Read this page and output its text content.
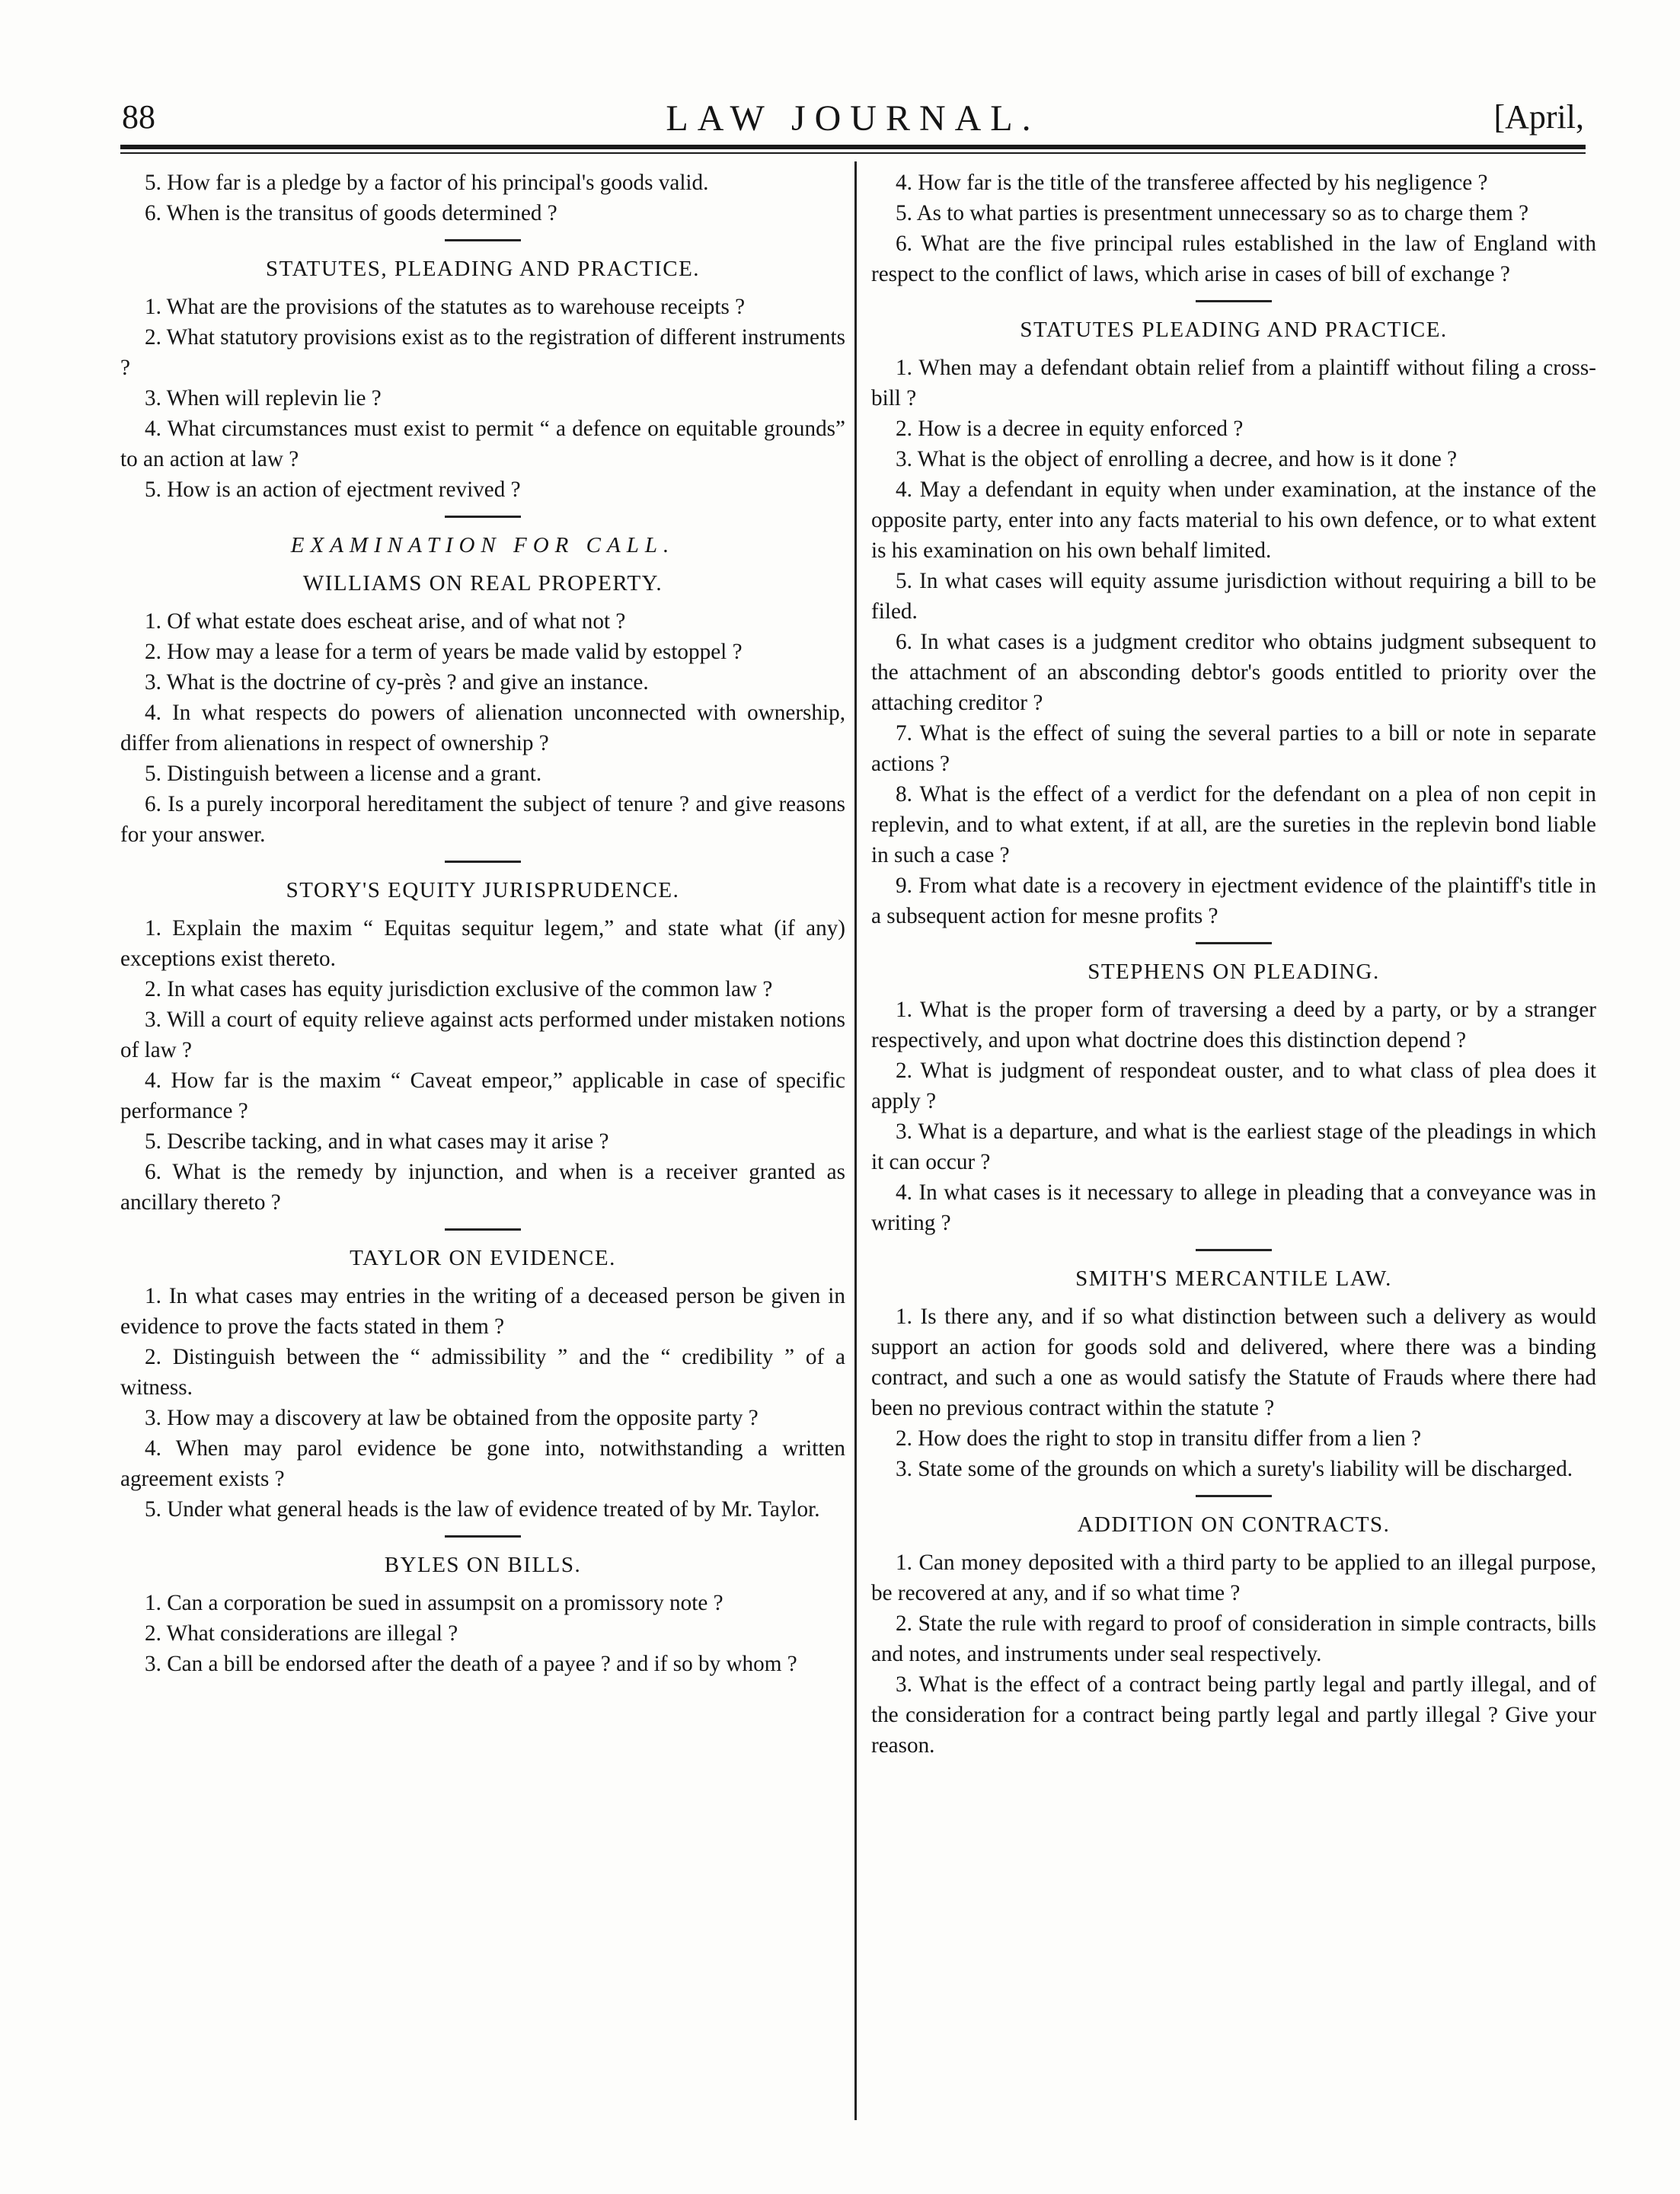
88	LAW JOURNAL.	[April,

5. How far is a pledge by a factor of his principal's goods valid.

6. When is the transitus of goods determined ?

STATUTES, PLEADING AND PRACTICE.

1. What are the provisions of the statutes as to warehouse receipts ?

2. What statutory provisions exist as to the registration of different instruments ?

3. When will replevin lie ?

4. What circumstances must exist to permit “ a defence on equitable grounds” to an action at law ?

5. How is an action of ejectment revived ?

EXAMINATION FOR CALL.
WILLIAMS ON REAL PROPERTY.

1. Of what estate does escheat arise, and of what not ?

2. How may a lease for a term of years be made valid by estoppel ?

3. What is the doctrine of cy-près ? and give an instance.

4. In what respects do powers of alienation unconnected with ownership, differ from alienations in respect of ownership ?

5. Distinguish between a license and a grant.

6. Is a purely incorporal hereditament the subject of tenure ? and give reasons for your answer.

STORY'S EQUITY JURISPRUDENCE.

1. Explain the maxim “ Equitas sequitur legem,” and state what (if any) exceptions exist thereto.

2. In what cases has equity jurisdiction exclusive of the common law ?

3. Will a court of equity relieve against acts performed under mistaken notions of law ?

4. How far is the maxim “ Caveat empeor,” applicable in case of specific performance ?

5. Describe tacking, and in what cases may it arise ?

6. What is the remedy by injunction, and when is a receiver granted as ancillary thereto ?

TAYLOR ON EVIDENCE.

1. In what cases may entries in the writing of a deceased person be given in evidence to prove the facts stated in them ?

2. Distinguish between the “ admissibility ” and the “ credibility ” of a witness.

3. How may a discovery at law be obtained from the opposite party ?

4. When may parol evidence be gone into, notwithstanding a written agreement exists ?

5. Under what general heads is the law of evidence treated of by Mr. Taylor.

BYLES ON BILLS.

1. Can a corporation be sued in assumpsit on a promissory note ?

2. What considerations are illegal ?

3. Can a bill be endorsed after the death of a payee ? and if so by whom ?

4. How far is the title of the transferee affected by his negligence ?

5. As to what parties is presentment unnecessary so as to charge them ?

6. What are the five principal rules established in the law of England with respect to the conflict of laws, which arise in cases of bill of exchange ?

STATUTES PLEADING AND PRACTICE.

1. When may a defendant obtain relief from a plaintiff without filing a cross-bill ?

2. How is a decree in equity enforced ?

3. What is the object of enrolling a decree, and how is it done ?

4. May a defendant in equity when under examination, at the instance of the opposite party, enter into any facts material to his own defence, or to what extent is his examination on his own behalf limited.

5. In what cases will equity assume jurisdiction without requiring a bill to be filed.

6. In what cases is a judgment creditor who obtains judgment subsequent to the attachment of an absconding debtor's goods entitled to priority over the attaching creditor ?

7. What is the effect of suing the several parties to a bill or note in separate actions ?

8. What is the effect of a verdict for the defendant on a plea of non cepit in replevin, and to what extent, if at all, are the sureties in the replevin bond liable in such a case ?

9. From what date is a recovery in ejectment evidence of the plaintiff's title in a subsequent action for mesne profits ?

STEPHENS ON PLEADING.

1. What is the proper form of traversing a deed by a party, or by a stranger respectively, and upon what doctrine does this distinction depend ?

2. What is judgment of respondeat ouster, and to what class of plea does it apply ?

3. What is a departure, and what is the earliest stage of the pleadings in which it can occur ?

4. In what cases is it necessary to allege in pleading that a conveyance was in writing ?

SMITH'S MERCANTILE LAW.

1. Is there any, and if so what distinction between such a delivery as would support an action for goods sold and delivered, where there was a binding contract, and such a one as would satisfy the Statute of Frauds where there had been no previous contract within the statute ?

2. How does the right to stop in transitu differ from a lien ?

3. State some of the grounds on which a surety's liability will be discharged.

ADDITION ON CONTRACTS.

1. Can money deposited with a third party to be applied to an illegal purpose, be recovered at any, and if so what time ?

2. State the rule with regard to proof of consideration in simple contracts, bills and notes, and instruments under seal respectively.

3. What is the effect of a contract being partly legal and partly illegal, and of the consideration for a contract being partly legal and partly illegal ? Give your reason.
